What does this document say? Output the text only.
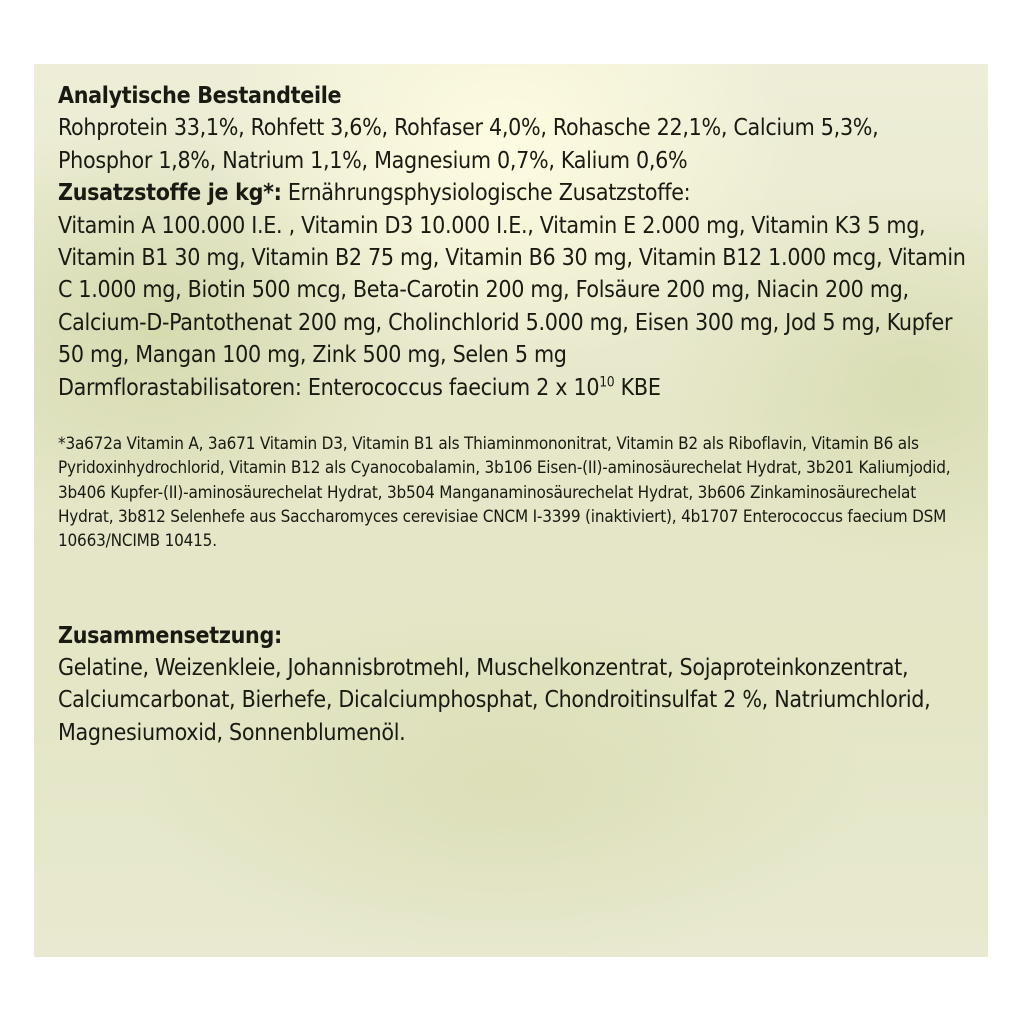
Analytische Bestandteile
Rohprotein 33,1%, Rohfett 3,6%, Rohfaser 4,0%, Rohasche 22,1%, Calcium 5,3%, Phosphor 1,8%, Natrium 1,1%, Magnesium 0,7%, Kalium 0,6%
Zusatzstoffe je kg*: Ernährungsphysiologische Zusatzstoffe:
Vitamin A 100.000 I.E. , Vitamin D3 10.000 I.E., Vitamin E 2.000 mg, Vitamin K3 5 mg, Vitamin B1 30 mg, Vitamin B2 75 mg, Vitamin B6 30 mg, Vitamin B12 1.000 mcg, Vitamin C 1.000 mg, Biotin 500 mcg, Beta-Carotin 200 mg, Folsäure 200 mg, Niacin 200 mg, Calcium-D-Pantothenat 200 mg, Cholinchlorid 5.000 mg, Eisen 300 mg, Jod 5 mg, Kupfer 50 mg, Mangan 100 mg, Zink 500 mg, Selen 5 mg
Darmflorastabilisatoren: Enterococcus faecium 2 x $10^{10}$ KBE
*3a672a Vitamin A, 3a671 Vitamin D3, Vitamin B1 als Thiaminmononitrat, Vitamin B2 als Riboflavin, Vitamin B6 als Pyridoxinhydrochlorid, Vitamin B12 als Cyanocobalamin, 3b106 Eisen-(II)-aminosäurechelat Hydrat, 3b201 Kaliumjodid, 3b406 Kupfer-(II)-aminosäurechelat Hydrat, 3b504 Manganaminosäurechelat Hydrat, 3b606 Zinkaminosäurechelat Hydrat, 3b812 Selenhefe aus Saccharomyces cerevisiae CNCM I-3399 (inaktiviert), 4b1707 Enterococcus faecium DSM 10663/NCIMB 10415.
Zusammensetzung:
Gelatine, Weizenkleie, Johannisbrotmehl, Muschelkonzentrat, Sojaproteinkonzentrat, Calciumcarbonat, Bierhefe, Dicalciumphosphat, Chondroitinsulfat 2 %, Natriumchlorid, Magnesiumoxid, Sonnenblumenöl.
